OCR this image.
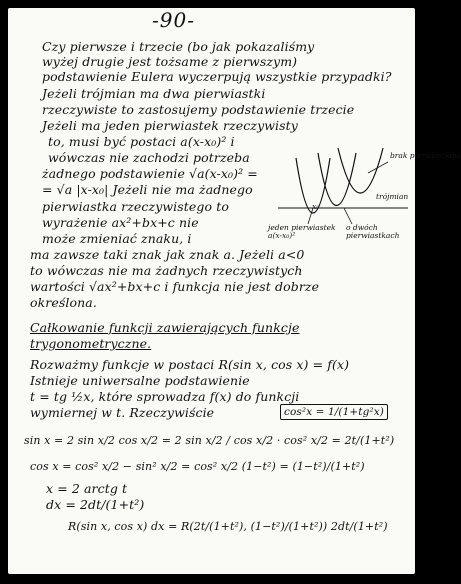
-90-
Czy pierwsze i trzecie (bo jak pokazaliśmy
wyżej drugie jest tożsame z pierwszym)
podstawienie Eulera wyczerpują wszystkie przypadki?
Jeżeli trójmian ma dwa pierwiastki
rzeczywiste to zastosujemy podstawienie trzecie
Jeżeli ma jeden pierwiastek rzeczywisty
to, musi być postaci a(x-x₀)² i
wówczas nie zachodzi potrzeba
żadnego podstawienie √a(x-x₀)² =
= √a |x-x₀| Jeżeli nie ma żadnego
pierwiastka rzeczywistego to
wyrażenie ax²+bx+c nie
może zmieniać znaku, i
ma zawsze taki znak jak znak a. Jeżeli a<0
to wówczas nie ma żadnych rzeczywistych
wartości √ax²+bx+c i funkcja nie jest dobrze
określona.
Całkowanie funkcji zawierających funkcje
trygonometryczne.
Rozważmy funkcje w postaci R(sin x, cos x) = f(x)
Istnieje uniwersalne podstawienie
t = tg ½x, które sprowadza f(x) do funkcji
wymiernej w t. Rzeczywiście	cos²x = 1/(1+tg²x)
sin x = 2 sin x/2 cos x/2 = 2 sin x/2 / cos x/2 · cos² x/2 = 2t/(1+t²)
cos x = cos² x/2 − sin² x/2 = cos² x/2 (1−t²) = (1−t²)/(1+t²)
x = 2 arctg t
dx = 2dt/(1+t²)
R(sin x, cos x) dx = R(2t/(1+t²), (1−t²)/(1+t²)) 2dt/(1+t²)
brak pierwiastków
x₀
trójmian
jeden pierwiastek a(x-x₀)²
o dwóch pierwiastkach
